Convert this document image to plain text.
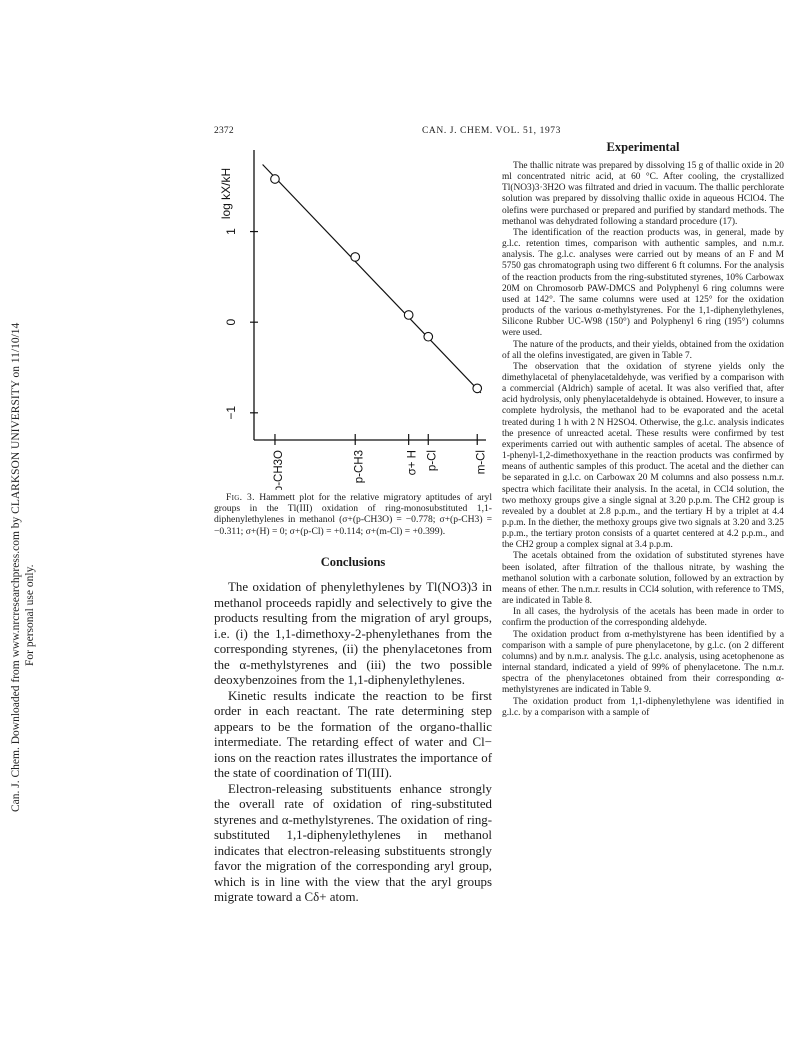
Can. J. Chem. Downloaded from www.nrcresearchpress.com by CLARKSON UNIVERSITY on 11/10/14 For personal use only.
2372	CAN. J. CHEM. VOL. 51, 1973
log kX/kH
1
0
−1
p-CH3O	p-CH3	σ+ H p-Cl	m-Cl
Fig. 3. Hammett plot for the relative migratory aptitudes of aryl groups in the Tl(III) oxidation of ring-monosubstituted 1,1-diphenylethylenes in methanol (σ+(p-CH3O) = −0.778; σ+(p-CH3) = −0.311; σ+(H) = 0; σ+(p-Cl) = +0.114; σ+(m-Cl) = +0.399).
Conclusions

The oxidation of phenylethylenes by Tl(NO3)3 in methanol proceeds rapidly and selectively to give the products resulting from the migration of aryl groups, i.e. (i) the 1,1-dimethoxy-2-phenylethanes from the corresponding styrenes, (ii) the phenylacetones from the α-methylstyrenes and (iii) the two possible deoxybenzoines from the 1,1-diphenylethylenes.

Kinetic results indicate the reaction to be first order in each reactant. The rate determining step appears to be the formation of the organo-thallic intermediate. The retarding effect of water and Cl− ions on the reaction rates illustrates the importance of the state of coordination of Tl(III).

Electron-releasing substituents enhance strongly the overall rate of oxidation of ring-substituted styrenes and α-methylstyrenes. The oxidation of ring-substituted 1,1-diphenylethylenes in methanol indicates that electron-releasing substituents strongly favor the migration of the corresponding aryl group, which is in line with the view that the aryl groups migrate toward a Cδ+ atom.

Experimental

The thallic nitrate was prepared by dissolving 15 g of thallic oxide in 20 ml concentrated nitric acid, at 60 °C. After cooling, the crystallized Tl(NO3)3·3H2O was filtrated and dried in vacuum. The thallic perchlorate solution was prepared by dissolving thallic oxide in aqueous HClO4. The olefins were purchased or prepared and purified by standard methods. The methanol was dehydrated following a standard procedure (17).

The identification of the reaction products was, in general, made by g.l.c. retention times, comparison with authentic samples, and n.m.r. analysis. The g.l.c. analyses were carried out by means of an F and M 5750 gas chromatograph using two different 6 ft columns. For the analysis of the reaction products from the ring-substituted styrenes, 10% Carbowax 20M on Chromosorb PAW-DMCS and Polyphenyl 6 ring columns were used at 142°. The same columns were used at 125° for the oxidation products of the various α-methylstyrenes. For the 1,1-diphenylethylenes, Silicone Rubber UC-W98 (150°) and Polyphenyl 6 ring (195°) columns were used.

The nature of the products, and their yields, obtained from the oxidation of all the olefins investigated, are given in Table 7.

The observation that the oxidation of styrene yields only the dimethylacetal of phenylacetaldehyde, was verified by a comparison with a commercial (Aldrich) sample of acetal. It was also verified that, after acid hydrolysis, only phenylacetaldehyde is obtained. However, to insure a complete hydrolysis, the methanol had to be evaporated and the acetal treated during 1 h with 2 N H2SO4. Otherwise, the g.l.c. analysis indicates the presence of unreacted acetal. These results were confirmed by test experiments carried out with authentic samples of acetal. The absence of 1-phenyl-1,2-dimethoxyethane in the reaction products was confirmed by means of authentic samples of this product. The acetal and the diether can be separated in g.l.c. on Carbowax 20 M columns and also possess n.m.r. spectra which facilitate their analysis. In the acetal, in CCl4 solution, the two methoxy groups give a single signal at 3.20 p.p.m. The CH2 group is revealed by a doublet at 2.8 p.p.m., and the tertiary H by a triplet at 4.4 p.p.m. In the diether, the methoxy groups give two signals at 3.20 and 3.25 p.p.m., the tertiary proton consists of a quartet centered at 4.2 p.p.m., and the CH2 group a complex signal at 3.4 p.p.m.

The acetals obtained from the oxidation of substituted styrenes have been isolated, after filtration of the thallous nitrate, by washing the methanol solution with a carbonate solution, followed by an extraction by means of ether. The n.m.r. results in CCl4 solution, with reference to TMS, are indicated in Table 8.

In all cases, the hydrolysis of the acetals has been made in order to confirm the production of the corresponding aldehyde.

The oxidation product from α-methylstyrene has been identified by a comparison with a sample of pure phenylacetone, by g.l.c. (on 2 different columns) and by n.m.r. analysis. The g.l.c. analysis, using acetophenone as internal standard, indicated a yield of 99% of phenylacetone. The n.m.r. spectra of the phenylacetones obtained from their corresponding α-methylstyrenes are indicated in Table 9.

The oxidation product from 1,1-diphenylethylene was identified in g.l.c. by a comparison with a sample of
